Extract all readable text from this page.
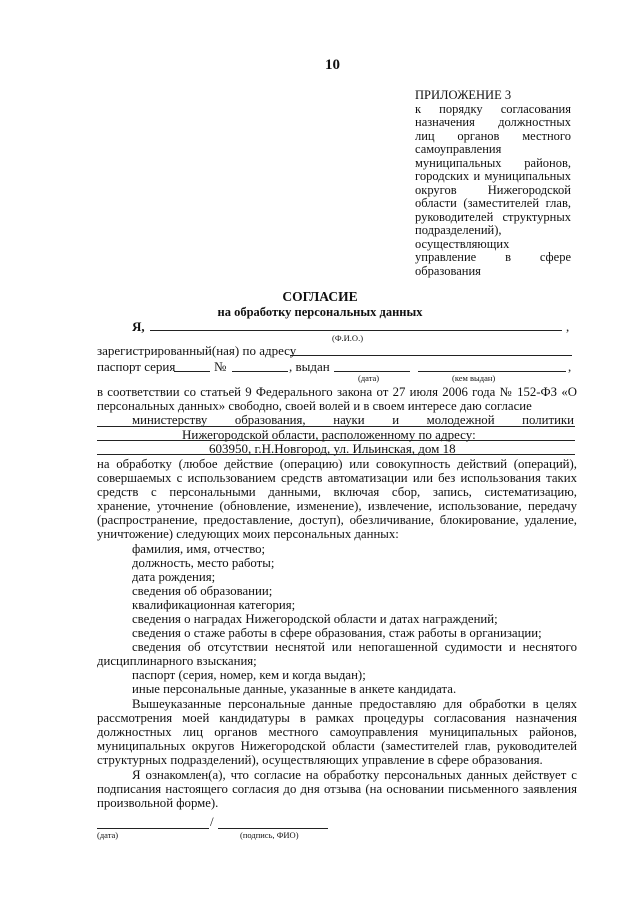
10
ПРИЛОЖЕНИЕ 3
к порядку согласования
назначения должностных
лиц органов местного
самоуправления
муниципальных районов,
городских и муниципальных
округов Нижегородской
области (заместителей глав,
руководителей структурных
подразделений),
осуществляющих
управление в сфере
образования
СОГЛАСИЕ
на обработку персональных данных
Я,	,
(Ф.И.О.)
зарегистрированный(ная) по адресу
паспорт серия	№	, выдан	,
(дата)	(кем выдан)
в соответствии со статьей 9 Федерального закона от 27 июля 2006 года № 152-ФЗ «О
персональных данных» свободно, своей волей и в своем интересе даю согласие
министерству образования, науки и молодежной политики
Нижегородской области, расположенному по адресу:
603950, г.Н.Новгород, ул. Ильинская, дом 18
на обработку (любое действие (операцию) или совокупность действий (операций),
совершаемых с использованием средств автоматизации или без использования таких
средств с персональными данными, включая сбор, запись, систематизацию,
хранение, уточнение (обновление, изменение), извлечение, использование, передачу
(распространение, предоставление, доступ), обезличивание, блокирование, удаление,
уничтожение) следующих моих персональных данных:
фамилия, имя, отчество;
должность, место работы;
дата рождения;
сведения об образовании;
квалификационная категория;
сведения о наградах Нижегородской области и датах награждений;
сведения о стаже работы в сфере образования, стаж работы в организации;
сведения об отсутствии неснятой или непогашенной судимости и неснятого
дисциплинарного взыскания;
паспорт (серия, номер, кем и когда выдан);
иные персональные данные, указанные в анкете кандидата.
Вышеуказанные персональные данные предоставляю для обработки в целях
рассмотрения моей кандидатуры в рамках процедуры согласования назначения
должностных лиц органов местного самоуправления муниципальных районов,
муниципальных округов Нижегородской области (заместителей глав, руководителей
структурных подразделений), осуществляющих управление в сфере образования.
Я ознакомлен(а), что согласие на обработку персональных данных действует с
подписания настоящего согласия до дня отзыва (на основании письменного заявления
произвольной форме).
/
(дата)	(подпись, ФИО)
